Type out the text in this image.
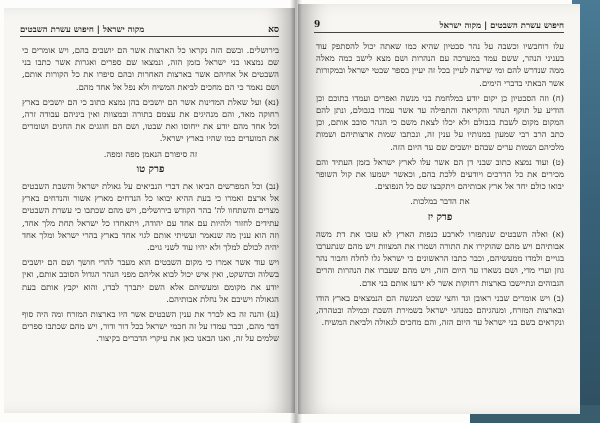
סא
מקוה ישראל | חיפוש עשרת השבטים

בירושלים. ובשם הזה נקראו כל הארצות אשר הם יושבים בהם, ויש אומרים כי שם נמצאו בני ישראל בזמן הזה, ונמצאו שם ספרים ואגרות אשר כתבו בני השבטים אל אחיהם אשר בארצות האחרות ובהם סיפרו את כל הקורות אותם, ושם נאמר כי הם מחכים לביאת המשיח ולא נפל אל אחד מהם.

(נא) ועל שאלת המדינות אשר הם יושבים בהן נמצא כתוב כי הם יושבים בארץ רחוקה מאד, והם מנהיגים את עצמם בתורה ובמצוות ואין ביניהם עבודה זרה, וכל אחד מהם יודע את ייחוסו ואת שבטו, ושם הם חוגגים את החגים ושומרים את המועדים כמו שהיו בארץ ישראל.

זה סיפורם הנאמן מפה ומפה.

פרק טו

(נב) וכל המפרשים הביאו את דברי הנביאים על גאולת ישראל והשבת השבטים אל ארצם ואמרו כי בעת ההיא יבואו כל הנדחים מארץ אשור והנדחים בארץ מצרים והשתחוו לה' בהר הקודש בירושלים, ויש מהם שכתבו כי עשרת השבטים עתידים לחזור ולהיות עם אחד עם יהודה, ויתאחדו כל ישראל תחת מלך אחד, וזה הוא ענין מה שנאמר ועשיתי אותם לגוי אחד בארץ בהרי ישראל ומלך אחד יהיה לכולם למלך ולא יהיו עוד לשני גוים.

ויש עוד אשר אמרו כי מקום השבטים הוא מעבר להרי חושך ושם הם יושבים בשלוה ובהשקט, ואין איש יכול לבוא אליהם מפני הנהר הגדול הסובב אותם, ואין יודע את מקומם ומעשיהם אלא השם יתברך לבדו, והוא יקבץ אותם בעת הגאולה וישיבם אל נחלת אבותיהם.

(נג) והנה זה בא לברר את ענין השבטים אשר היו בארצות המזרח ומה היה סוף דבר מהם, וכבר עמדו על זה חכמי ישראל בכל דור ודור, ויש מהם שכתבו ספרים שלמים על זה, ואנו הבאנו כאן את עיקרי הדברים בקיצור.

חיפוש עשרת השבטים | מקוה ישראל
9

עלו רוחבשיו וכשבה על נהר סבטיון שהיא כמו שאתה יכול להסתפק עוד בעניני הנהר, ששם עמד במערכה עם הנהרות ושם מצא לישב כמה מאלה ממה שנדרש להם ומי שירצה לעיין בכל זה יעיין בספר שבטי ישראל ובמקורות אשר הבאתי בדברי הימים.

(ח) וזה הסבטיון כן יקום יודע במלחמת בני מנשה ואפרים ועמדו בתוכם וכן הודיע על תוקף הנהר והקריאה והתפילה עד אשר עמדו בגבולם, ונתן להם המקום מקום לשבת בגבולם ולא יכלו לצאת משם כי הנהר סובב אותם, וכן כתב הרב רבי שמעון במנותיו על ענין זה, ונכתבו שמות ארצותיהם ושמות מלכיהם ושמות ערים שבהם יושבים שם עד היום הזה.

(ט) ועוד נמצא כתוב שבני דן הם אשר עלו לארץ ישראל בזמן העתיד והם מכירים את כל הדרכים ויודעים ללכת בהם, וכאשר ישמעו את קול השופר יבואו כולם יחד אל ארץ אבותיהם ויתקבצו שם כל הנפוצים.

את הדבר במלכות.

פרק יז

(א) ואלה השבטים שנתפזרו לארבע כנפות הארץ לא עזבו את דת משה אבותיהם ויש מהם שהוקירו את התורה ושמרו את המצוות ויש מהם שנתערבו בגויים ולמדו ממעשיהם, וכבר כתבו הראשונים כי ישראל גלו לחלח וחבור נהר גוזן וערי מדי, ושם נשארו עד היום הזה, ויש מהם שעברו את הנהרות והרים הגבוהים ונתיישבו בארצות רחוקות אשר לא ידעו אותם בני אדם.

(ב) ויש אומרים שבני ראובן וגד וחצי שבט המנשה הם הנמצאים בארץ הודו ובארצות המזרח, ומנהגיהם כמנהגי ישראל בשמירת השבת ובמילה ובטהרה, ונקראים בשם בני ישראל עד היום הזה, והם מחכים לגאולה ולביאת המשיח.
